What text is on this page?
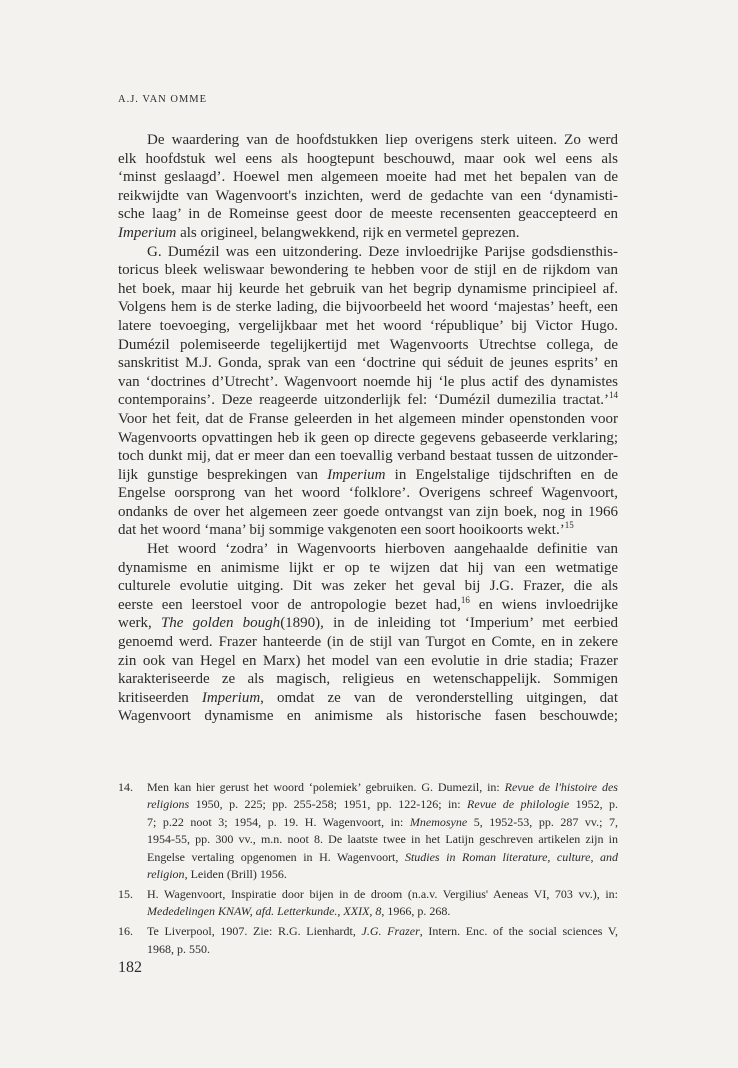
A.J. VAN OMME
De waardering van de hoofdstukken liep overigens sterk uiteen. Zo werd
elk hoofdstuk wel eens als hoogtepunt beschouwd, maar ook wel eens als
‘minst geslaagd’. Hoewel men algemeen moeite had met het bepalen van de
reikwijdte van Wagenvoort's inzichten, werd de gedachte van een ‘dynamisti-
sche laag’ in de Romeinse geest door de meeste recensenten geaccepteerd en
Imperium als origineel, belangwekkend, rijk en vermetel geprezen.
G. Dumézil was een uitzondering. Deze invloedrijke Parijse godsdiensthis-
toricus bleek weliswaar bewondering te hebben voor de stijl en de rijkdom van
het boek, maar hij keurde het gebruik van het begrip dynamisme principieel af.
Volgens hem is de sterke lading, die bijvoorbeeld het woord ‘majestas’ heeft, een
latere toevoeging, vergelijkbaar met het woord ‘république’ bij Victor Hugo.
Dumézil polemiseerde tegelijkertijd met Wagenvoorts Utrechtse collega, de
sanskritist M.J. Gonda, sprak van een ‘doctrine qui séduit de jeunes esprits’ en
van ‘doctrines d’Utrecht’. Wagenvoort noemde hij ‘le plus actif des dynamistes
contemporains’. Deze reageerde uitzonderlijk fel: ‘Dumézil dumezilia tractat.’$^{14}$
Voor het feit, dat de Franse geleerden in het algemeen minder openstonden voor
Wagenvoorts opvattingen heb ik geen op directe gegevens gebaseerde verklaring;
toch dunkt mij, dat er meer dan een toevallig verband bestaat tussen de uitzonder-
lijk gunstige besprekingen van Imperium in Engelstalige tijdschriften en de
Engelse oorsprong van het woord ‘folklore’. Overigens schreef Wagenvoort,
ondanks de over het algemeen zeer goede ontvangst van zijn boek, nog in 1966
dat het woord ‘mana’ bij sommige vakgenoten een soort hooikoorts wekt.’$^{15}$
Het woord ‘zodra’ in Wagenvoorts hierboven aangehaalde definitie van
dynamisme en animisme lijkt er op te wijzen dat hij van een wetmatige
culturele evolutie uitging. Dit was zeker het geval bij J.G. Frazer, die als
eerste een leerstoel voor de antropologie bezet had,$^{16}$ en wiens invloedrijke
werk, The golden bough(1890), in de inleiding tot ‘Imperium’ met eerbied
genoemd werd. Frazer hanteerde (in de stijl van Turgot en Comte, en in zekere
zin ook van Hegel en Marx) het model van een evolutie in drie stadia; Frazer
karakteriseerde ze als magisch, religieus en wetenschappelijk. Sommigen
kritiseerden Imperium, omdat ze van de veronderstelling uitgingen, dat
Wagenvoort dynamisme en animisme als historische fasen beschouwde;
14. Men kan hier gerust het woord ‘polemiek’ gebruiken. G. Dumezil, in: Revue de l'histoire des
religions 1950, p. 225; pp. 255-258; 1951, pp. 122-126; in: Revue de philologie 1952, p.
7; p.22 noot 3; 1954, p. 19. H. Wagenvoort, in: Mnemosyne 5, 1952-53, pp. 287 vv.; 7,
1954-55, pp. 300 vv., m.n. noot 8. De laatste twee in het Latijn geschreven artikelen zijn in
Engelse vertaling opgenomen in H. Wagenvoort, Studies in Roman literature, culture, and
religion, Leiden (Brill) 1956.
15. H. Wagenvoort, Inspiratie door bijen in de droom (n.a.v. Vergilius' Aeneas VI, 703 vv.), in:
Mededelingen KNAW, afd. Letterkunde., XXIX, 8, 1966, p. 268.
16. Te Liverpool, 1907. Zie: R.G. Lienhardt, J.G. Frazer, Intern. Enc. of the social sciences V,
1968, p. 550.
182
